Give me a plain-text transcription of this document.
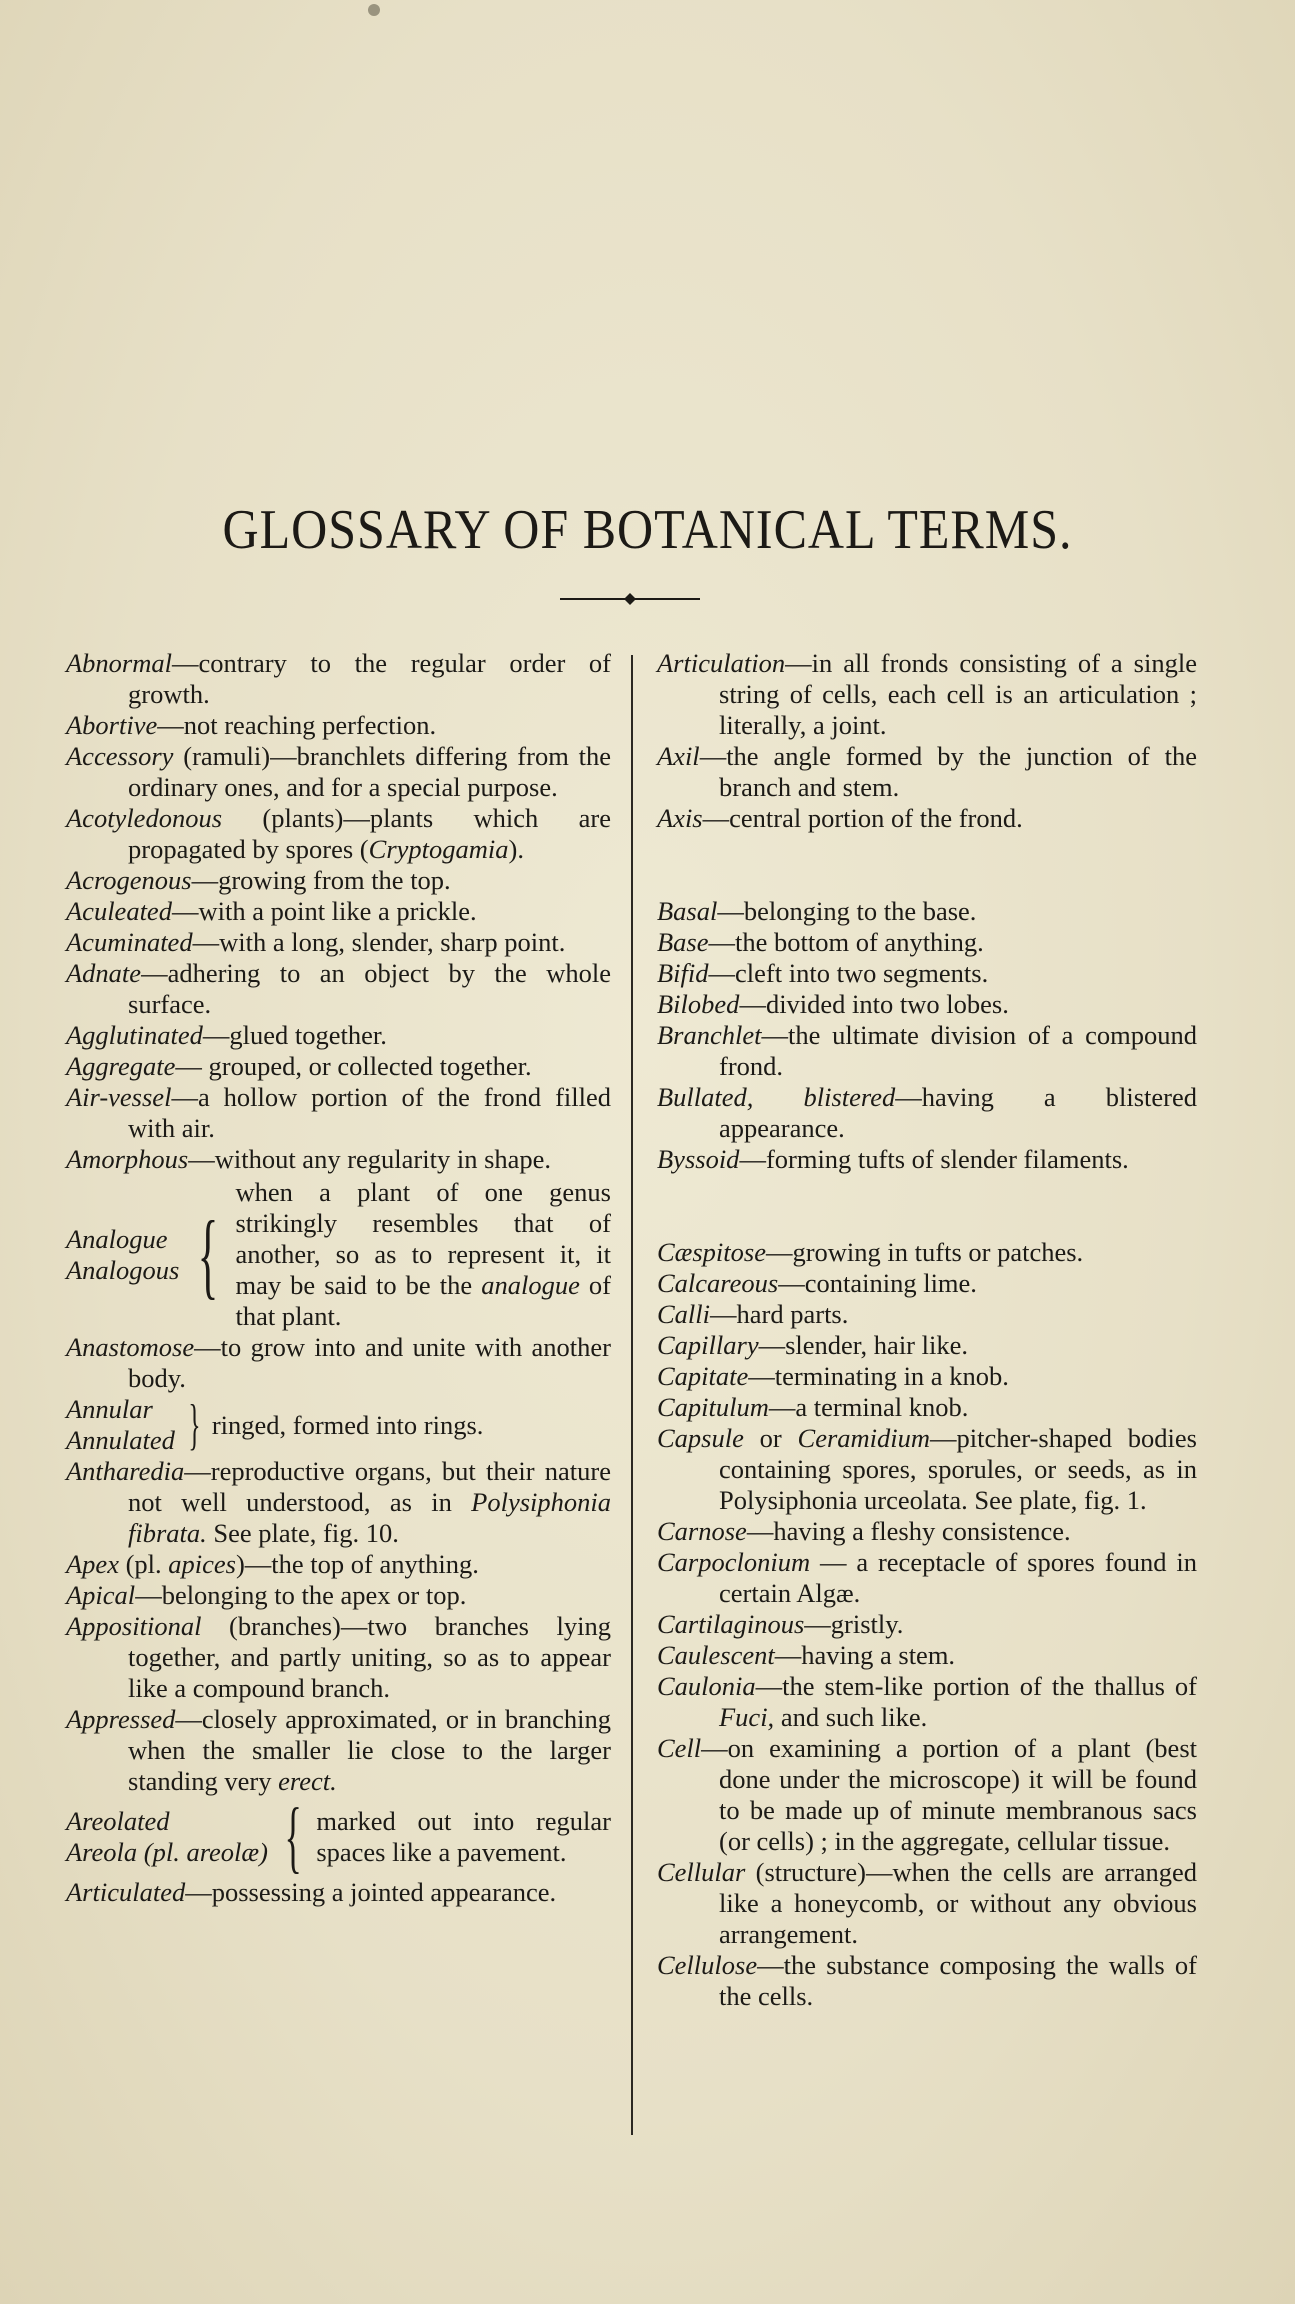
GLOSSARY OF BOTANICAL TERMS.
Abnormal—contrary to the regular order of growth.
Abortive—not reaching perfection.
Accessory (ramuli)—branchlets differing from the ordinary ones, and for a special purpose.
Acotyledonous (plants)—plants which are propagated by spores (Cryptogamia).
Acrogenous—growing from the top.
Aculeated—with a point like a prickle.
Acuminated—with a long, slender, sharp point.
Adnate—adhering to an object by the whole surface.
Agglutinated—glued together.
Aggregate— grouped, or collected together.
Air-vessel—a hollow portion of the frond filled with air.
Amorphous—without any regularity in shape.
Analogue
Analogous {
when a plant of one genus strikingly resembles that of another, so as to represent it, it may be said to be the analogue of that plant.
Anastomose—to grow into and unite with another body.
Annular
Annulated } ringed, formed into rings.
Antharedia—reproductive organs, but their nature not well understood, as in Polysiphonia fibrata. See plate, fig. 10.
Apex (pl. apices)—the top of anything.
Apical—belonging to the apex or top.
Appositional (branches)—two branches lying together, and partly uniting, so as to appear like a compound branch.
Appressed—closely approximated, or in branching when the smaller lie close to the larger standing very erect.
Areolated
Areola (pl. areolæ) { marked out into regular spaces like a pavement.
Articulated—possessing a jointed appearance.
Articulation—in all fronds consisting of a single string of cells, each cell is an articulation ; literally, a joint.
Axil—the angle formed by the junction of the branch and stem.
Axis—central portion of the frond.
Basal—belonging to the base.
Base—the bottom of anything.
Bifid—cleft into two segments.
Bilobed—divided into two lobes.
Branchlet—the ultimate division of a compound frond.
Bullated, blistered—having a blistered appearance.
Byssoid—forming tufts of slender filaments.
Cæspitose—growing in tufts or patches.
Calcareous—containing lime.
Calli—hard parts.
Capillary—slender, hair like.
Capitate—terminating in a knob.
Capitulum—a terminal knob.
Capsule or Ceramidium—pitcher-shaped bodies containing spores, sporules, or seeds, as in Polysiphonia urceolata. See plate, fig. 1.
Carnose—having a fleshy consistence.
Carpoclonium — a receptacle of spores found in certain Algæ.
Cartilaginous—gristly.
Caulescent—having a stem.
Caulonia—the stem-like portion of the thallus of Fuci, and such like.
Cell—on examining a portion of a plant (best done under the microscope) it will be found to be made up of minute membranous sacs (or cells) ; in the aggregate, cellular tissue.
Cellular (structure)—when the cells are arranged like a honeycomb, or without any obvious arrangement.
Cellulose—the substance composing the walls of the cells.
